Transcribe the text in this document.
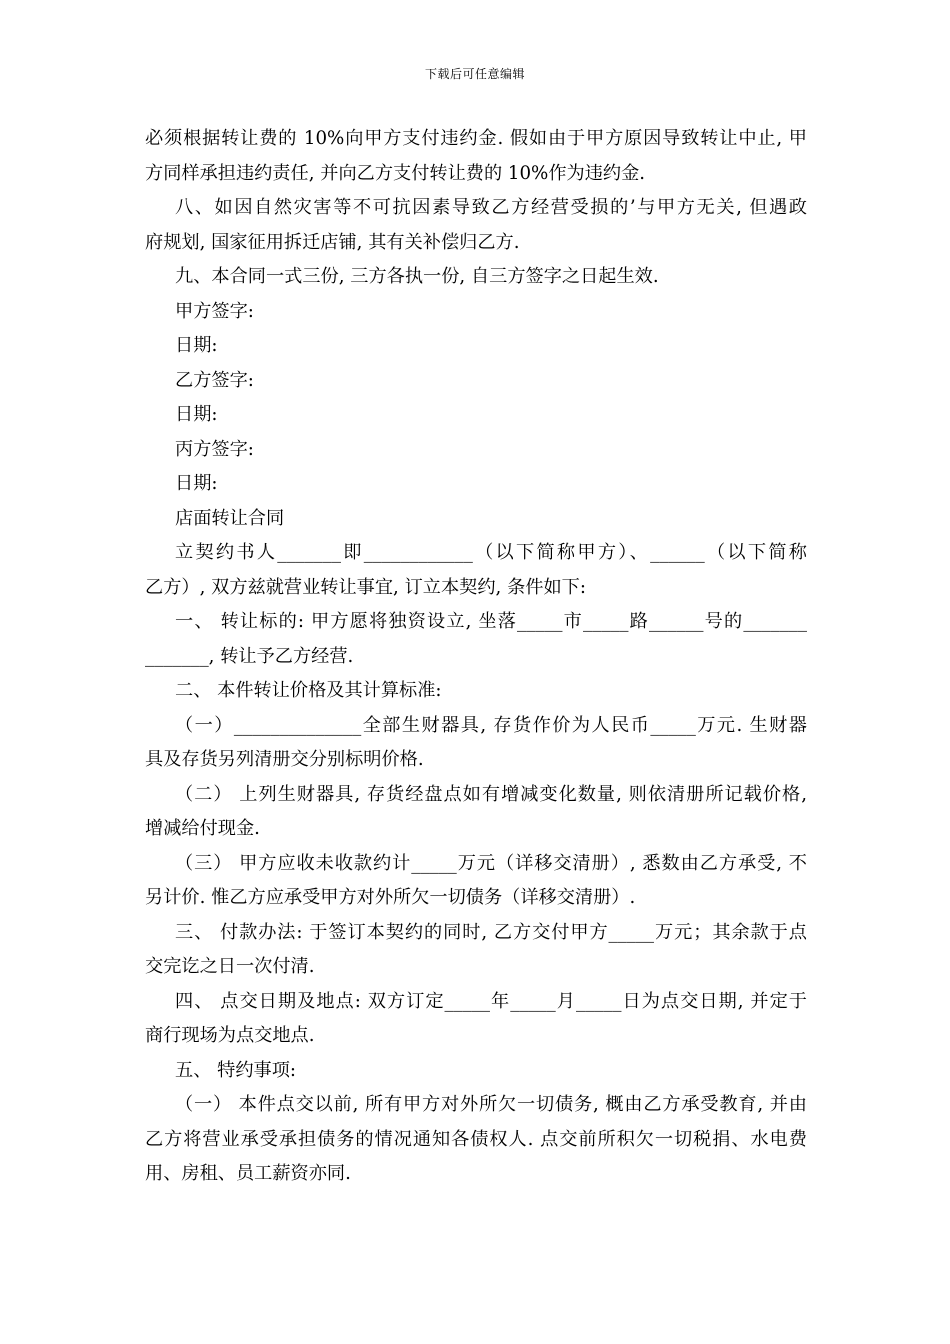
下载后可任意编辑
必须根据转让费的 10%向甲方支付违约金. 假如由于甲方原因导致转让中止, 甲
方同样承担违约责任, 并向乙方支付转让费的 10%作为违约金.
八、如因自然灾害等不可抗因素导致乙方经营受损的’与甲方无关, 但遇政
府规划, 国家征用拆迁店铺, 其有关补偿归乙方.
九、本合同一式三份, 三方各执一份, 自三方签字之日起生效.
甲方签字:
日期:
乙方签字:
日期:
丙方签字:
日期:
店面转让合同
立契约书人_______即____________（以下简称甲方）、______（以下简称
乙方）, 双方兹就营业转让事宜, 订立本契约, 条件如下:
一、 转让标的: 甲方愿将独资设立, 坐落_____市_____路______号的_______
_______, 转让予乙方经营.
二、 本件转让价格及其计算标准:
（一）______________全部生财器具, 存货作价为人民币_____万元. 生财器
具及存货另列清册交分别标明价格.
（二） 上列生财器具, 存货经盘点如有增减变化数量, 则依清册所记载价格,
增减给付现金.
（三） 甲方应收未收款约计_____万元（详移交清册）, 悉数由乙方承受, 不
另计价. 惟乙方应承受甲方对外所欠一切债务（详移交清册）.
三、 付款办法: 于签订本契约的同时, 乙方交付甲方_____万元；其余款于点
交完讫之日一次付清.
四、 点交日期及地点: 双方订定_____年_____月_____日为点交日期, 并定于
商行现场为点交地点.
五、 特约事项:
（一） 本件点交以前, 所有甲方对外所欠一切债务, 概由乙方承受教育, 并由
乙方将营业承受承担债务的情况通知各债权人. 点交前所积欠一切税捐、水电费
用、房租、员工薪资亦同.
